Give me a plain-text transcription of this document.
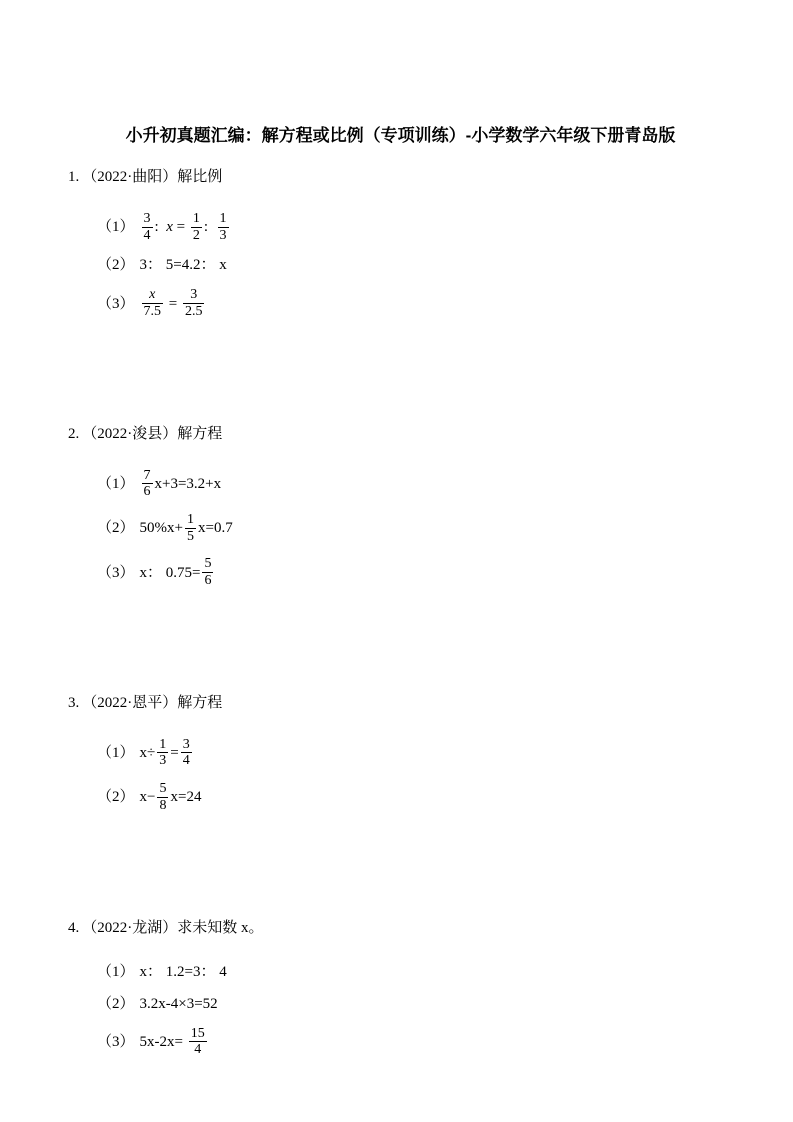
小升初真题汇编：解方程或比例（专项训练）-小学数学六年级下册青岛版

1. （2022·曲阳）解比例

$(1) \frac{3}{4}$ : $x = \frac{1}{2}$ : $\frac{1}{3}$
（2） 3： 5=4.2： x
$(3) \frac{x}{7.5} = \frac{3}{2.5}$

2. （2022·浚县）解方程

$(1) \frac{7}{6} x+3=3.2+x$
（2） $50\%x+ \frac{1}{5} x=0.7$
（3） x： $0.75= \frac{5}{6}$

3. （2022·恩平）解方程

（1） $x\div \frac{1}{3} = \frac{3}{4}$
（2） $x- \frac{5}{8} x=24$

4. （2022·龙湖）求未知数 x。

（1） x： 1.2=3： 4
（2） 3.2x-4×3=52
（3） $5x-2x= \frac{15}{4}$
